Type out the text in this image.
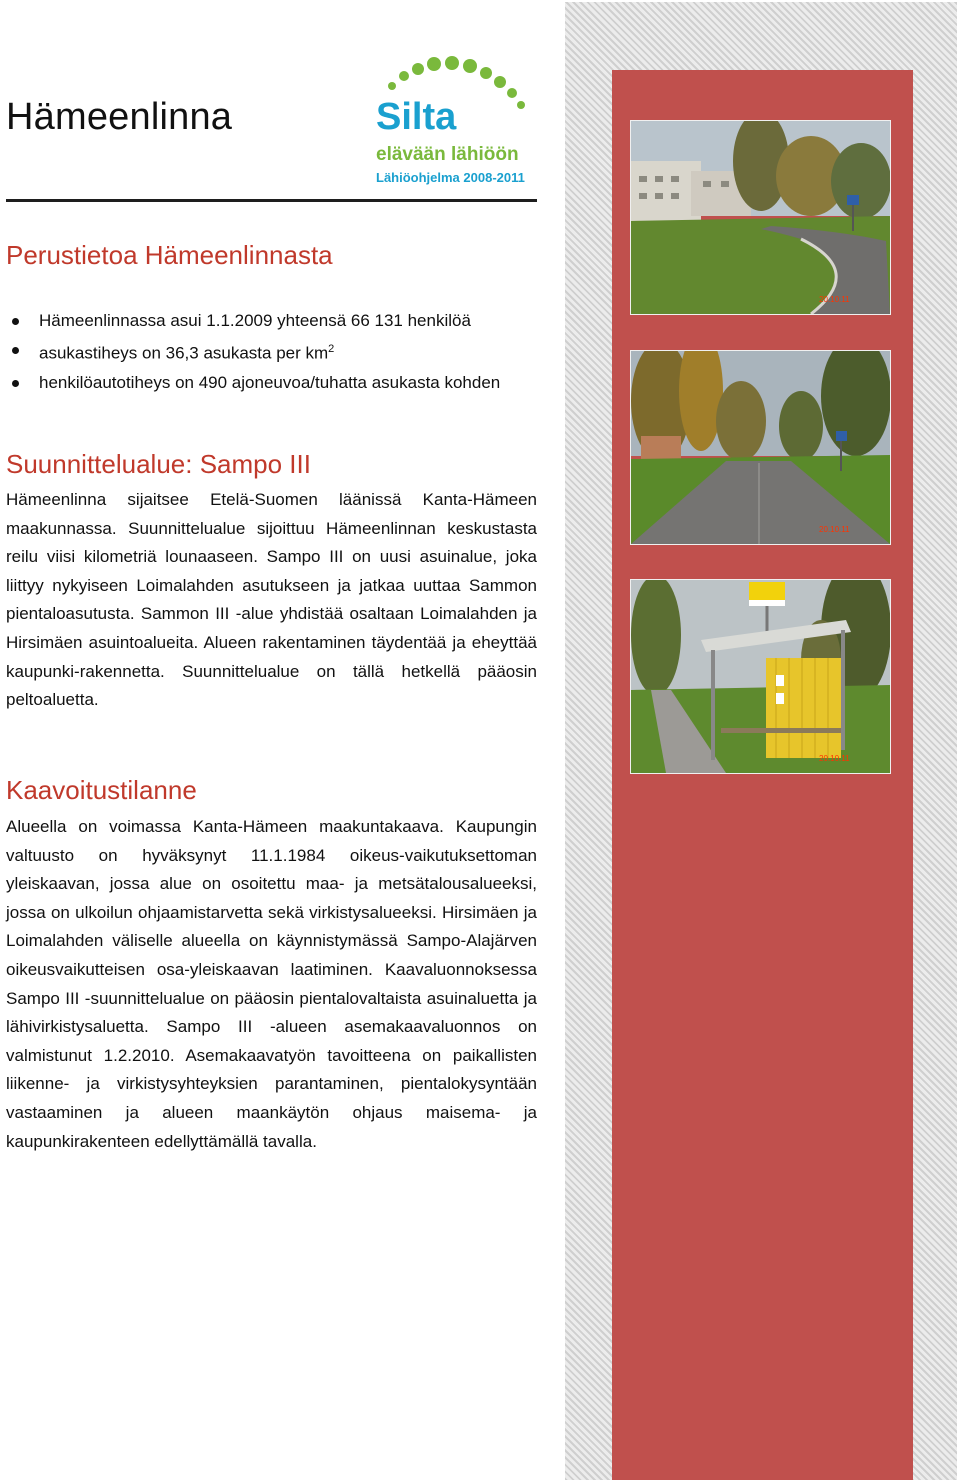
Hämeenlinna	Silta
elävään lähiöön
Lähiöohjelma 2008-2011
Perustietoa Hämeenlinnasta
Hämeenlinnassa asui 1.1.2009 yhteensä 66 131 henkilöä
asukastiheys on 36,3 asukasta per $km^2$
henkilöautotiheys on 490 ajoneuvoa/tuhatta asukasta kohden
Suunnittelualue: Sampo III

Hämeenlinna sijaitsee Etelä-Suomen läänissä Kanta-Hämeen maakunnassa. Suunnittelualue sijoittuu Hämeenlinnan keskustasta reilu viisi kilometriä lounaaseen. Sampo III on uusi asuinalue, joka liittyy nykyiseen Loimalahden asutukseen ja jatkaa uuttaa Sammon pientaloasutusta. Sammon III -alue yhdistää osaltaan Loimalahden ja Hirsimäen asuintoalueita. Alueen rakentaminen täydentää ja eheyttää kaupunki-rakennetta. Suunnittelualue on tällä hetkellä pääosin peltoaluetta.

Kaavoitustilanne

Alueella on voimassa Kanta-Hämeen maakuntakaava. Kaupungin valtuusto on hyväksynyt 11.1.1984 oikeus-vaikutuksettoman yleiskaavan, jossa alue on osoitettu maa- ja metsätalousalueeksi, jossa on ulkoilun ohjaamistarvetta sekä virkistysalueeksi. Hirsimäen ja Loimalahden väliselle alueella on käynnistymässä Sampo-Alajärven oikeusvaikutteisen osa-yleiskaavan laatiminen. Kaavaluonnoksessa Sampo III -suunnittelualue on pääosin pientalovaltaista asuinaluetta ja lähivirkistysaluetta. Sampo III -alueen asemakaavaluonnos on valmistunut 1.2.2010. Asemakaavatyön tavoitteena on paikallisten liikenne- ja virkistysyhteyksien parantaminen, pientalokysyntään vastaaminen ja alueen maankäytön ohjaus maisema- ja kaupunkirakenteen edellyttämällä tavalla.

20.10.11
20.10.11
20.10.11
